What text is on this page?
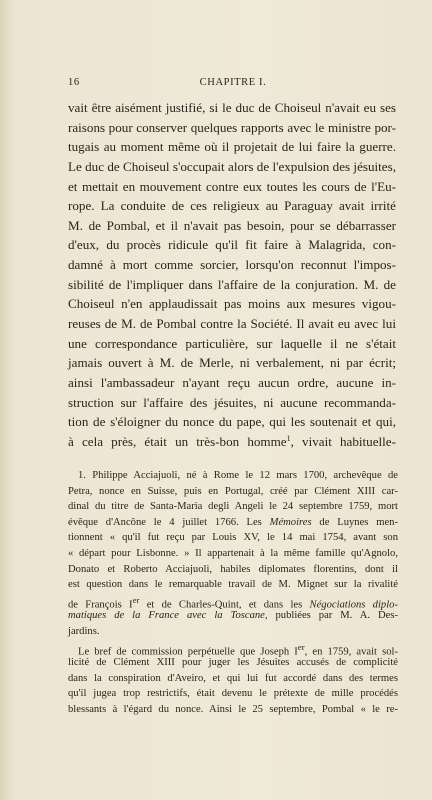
16	CHAPITRE I.
vait être aisément justifié, si le duc de Choiseul n'avait eu ses
raisons pour conserver quelques rapports avec le ministre por-
tugais au moment même où il projetait de lui faire la guerre.
Le duc de Choiseul s'occupait alors de l'expulsion des jésuites,
et mettait en mouvement contre eux toutes les cours de l'Eu-
rope. La conduite de ces religieux au Paraguay avait irrité
M. de Pombal, et il n'avait pas besoin, pour se débarrasser
d'eux, du procès ridicule qu'il fit faire à Malagrida, con-
damné à mort comme sorcier, lorsqu'on reconnut l'impos-
sibilité de l'impliquer dans l'affaire de la conjuration. M. de
Choiseul n'en applaudissait pas moins aux mesures vigou-
reuses de M. de Pombal contre la Société. Il avait eu avec lui
une correspondance particulière, sur laquelle il ne s'était
jamais ouvert à M. de Merle, ni verbalement, ni par écrit;
ainsi l'ambassadeur n'ayant reçu aucun ordre, aucune in-
struction sur l'affaire des jésuites, ni aucune recommanda-
tion de s'éloigner du nonce du pape, qui les soutenait et qui,
à cela près, était un très-bon homme$^1$, vivait habituelle-
1. Philippe Acciajuoli, né à Rome le 12 mars 1700, archevêque de
Petra, nonce en Suisse, puis en Portugal, créé par Clément XIII car-
dinal du titre de Santa-Maria degli Angeli le 24 septembre 1759, mort
évêque d'Ancône le 4 juillet 1766. Les Mémoires de Luynes men-
tionnent « qu'il fut reçu par Louis XV, le 14 mai 1754, avant son
« départ pour Lisbonne. » Il appartenait à la même famille qu'Agnolo,
Donato et Roberto Acciajuoli, habiles diplomates florentins, dont il
est question dans le remarquable travail de M. Mignet sur la rivalité
de François Ier et de Charles-Quint, et dans les Négociations diplo-
matiques de la France avec la Toscane, publiées par M. A. Des-
jardins.
Le bref de commission perpétuelle que Joseph Ier, en 1759, avait sol-
licité de Clément XIII pour juger les Jésuites accusés de complicité
dans la conspiration d'Aveiro, et qui lui fut accordé dans des termes
qu'il jugea trop restrictifs, était devenu le prétexte de mille procédés
blessants à l'égard du nonce. Ainsi le 25 septembre, Pombal « le re-
